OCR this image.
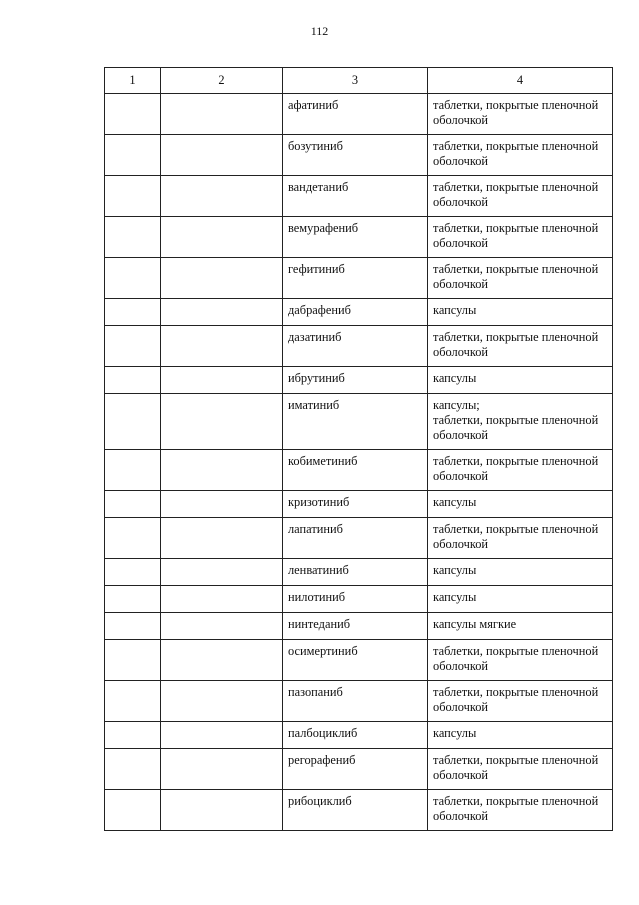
112
1	2	3	4
		афатиниб	таблетки, покрытые пленочной оболочкой
		бозутиниб	таблетки, покрытые пленочной оболочкой
		вандетаниб	таблетки, покрытые пленочной оболочкой
		вемурафениб	таблетки, покрытые пленочной оболочкой
		гефитиниб	таблетки, покрытые пленочной оболочкой
		дабрафениб	капсулы
		дазатиниб	таблетки, покрытые пленочной оболочкой
		ибрутиниб	капсулы
		иматиниб	капсулы;
таблетки, покрытые пленочной оболочкой
		кобиметиниб	таблетки, покрытые пленочной оболочкой
		кризотиниб	капсулы
		лапатиниб	таблетки, покрытые пленочной оболочкой
		ленватиниб	капсулы
		нилотиниб	капсулы
		нинтеданиб	капсулы мягкие
		осимертиниб	таблетки, покрытые пленочной оболочкой
		пазопаниб	таблетки, покрытые пленочной оболочкой
		палбоциклиб	капсулы
		регорафениб	таблетки, покрытые пленочной оболочкой
		рибоциклиб	таблетки, покрытые пленочной оболочкой
